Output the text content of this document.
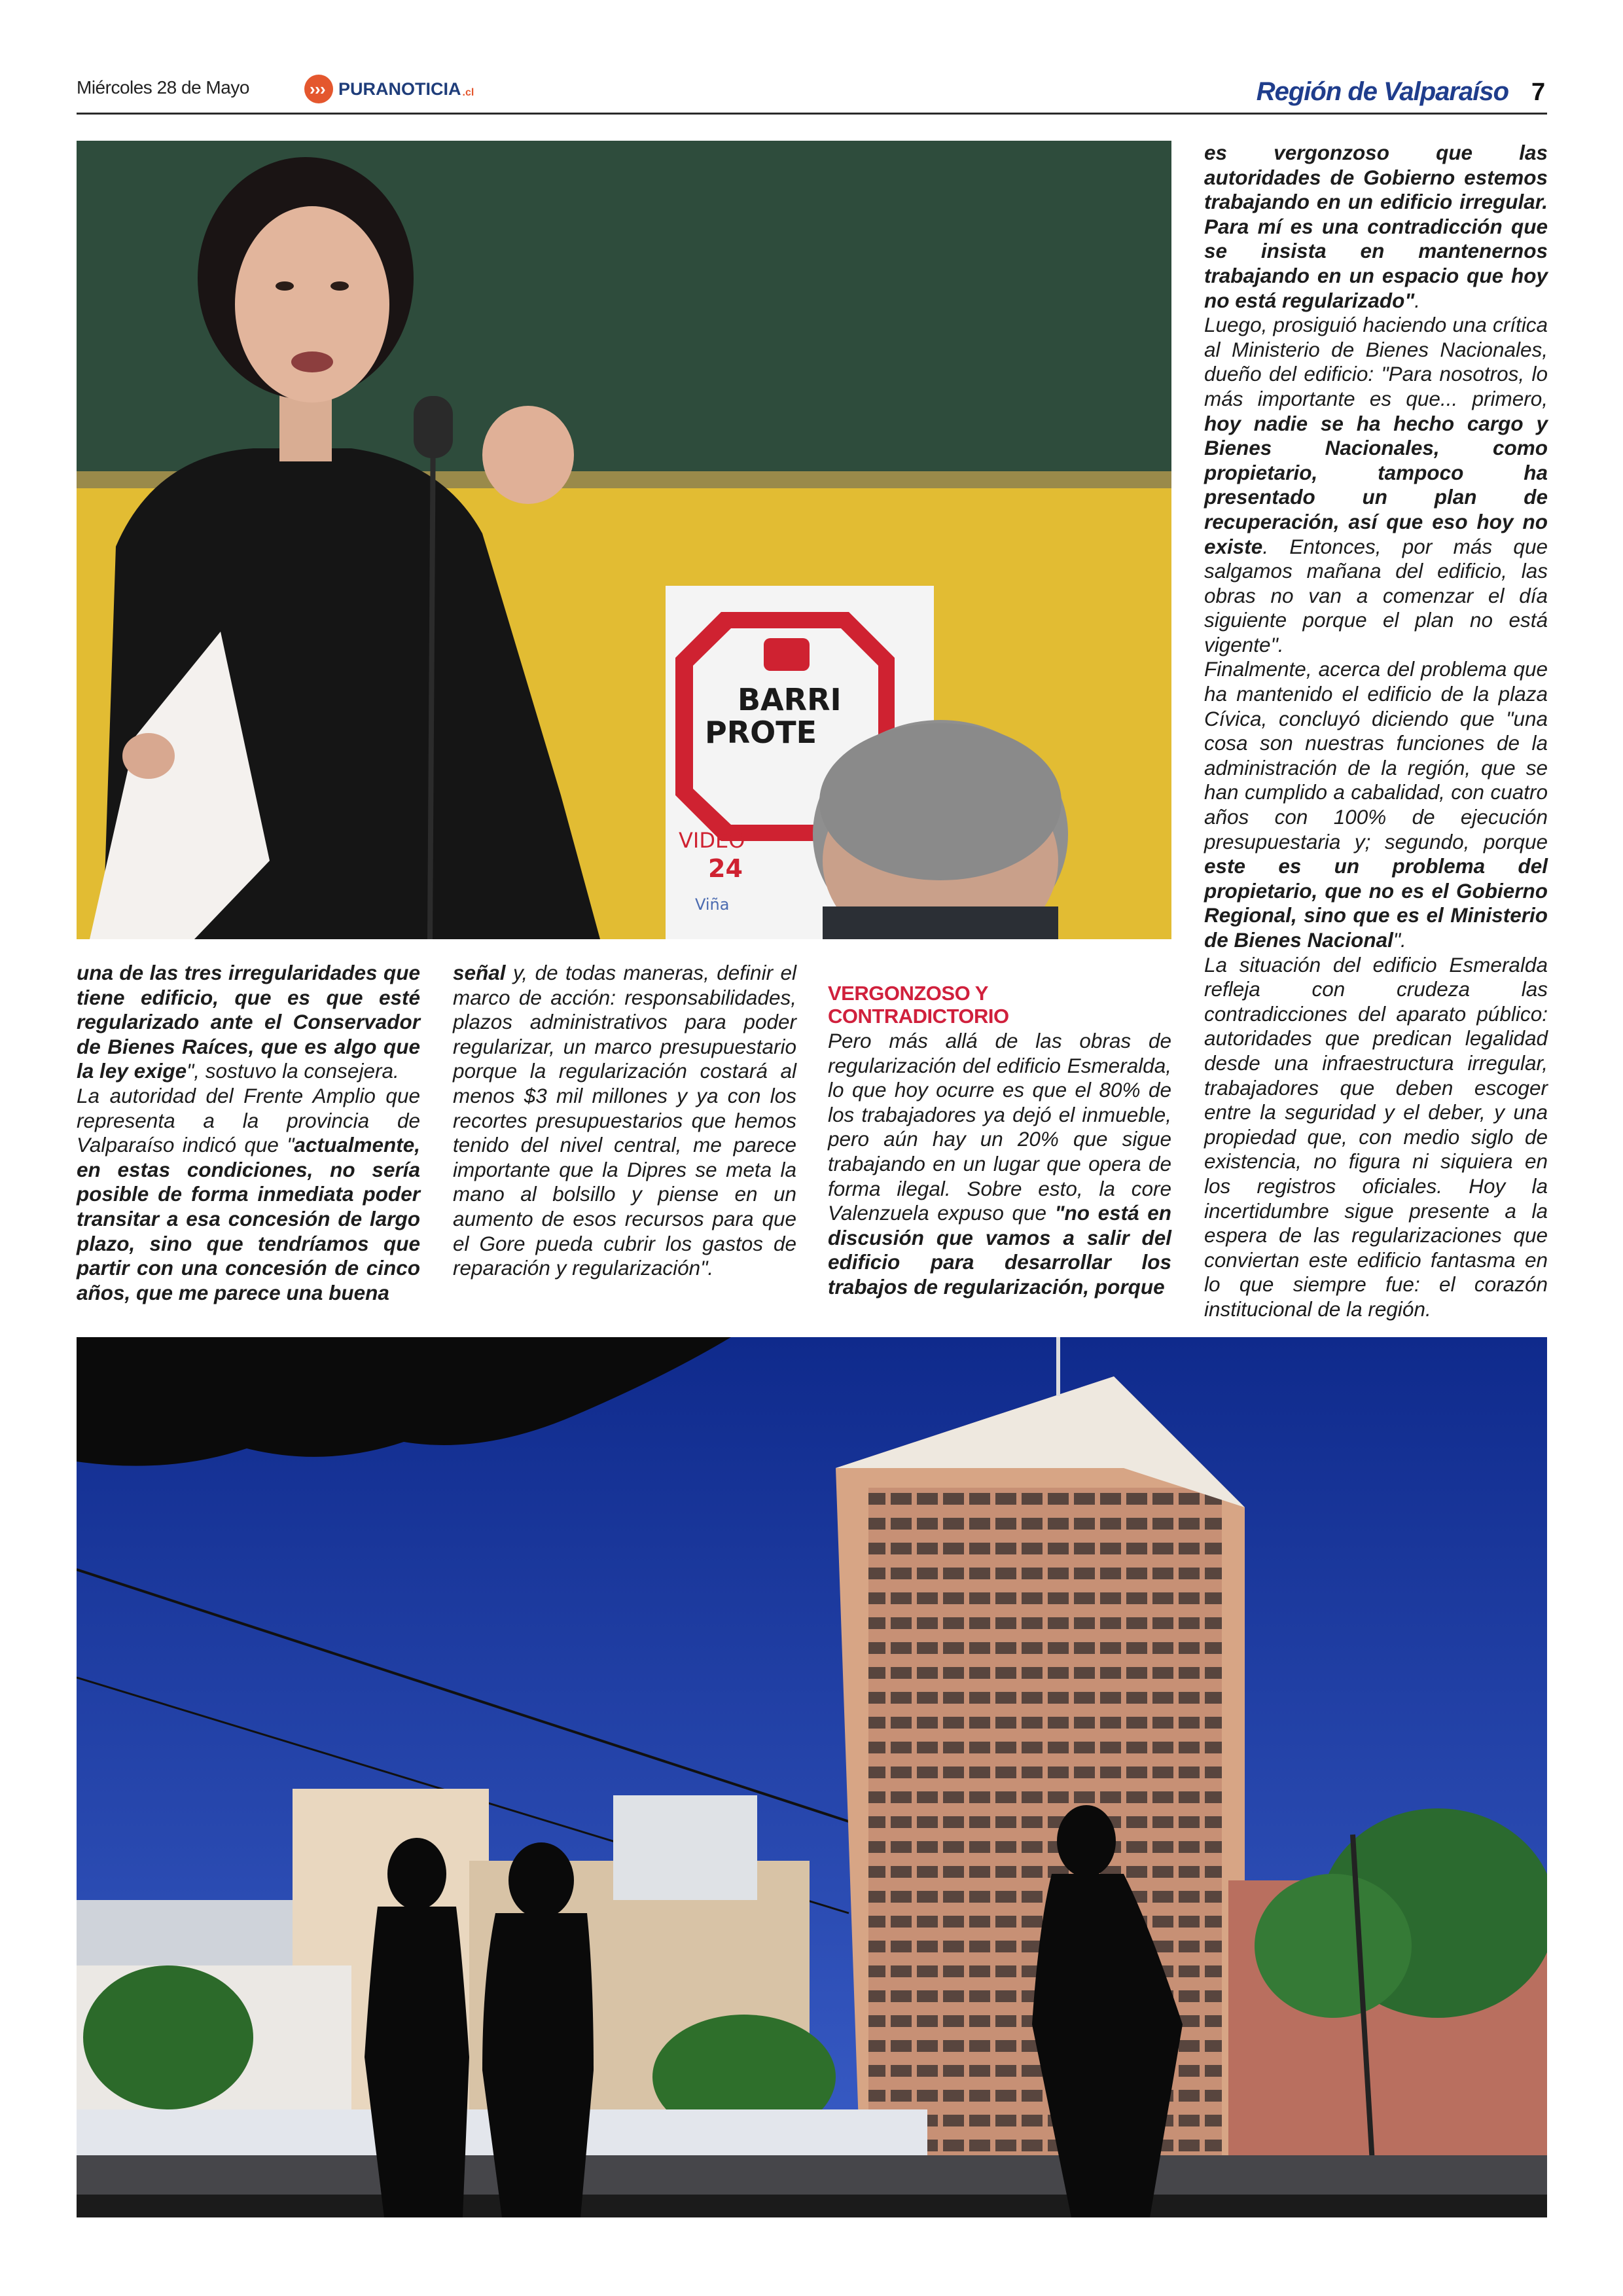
Miércoles 28 de Mayo	› › › PURANOTICIA .cl	Región de Valparaíso 7
BARRI
PROTE
VIDEO
24
Viña

una de las tres irregularidades que tiene edificio, que es que esté regularizado ante el Conservador de Bienes Raíces, que es algo que la ley exige", sostuvo la consejera.
La autoridad del Frente Amplio que representa a la provincia de Valparaíso indicó que "actualmente, en estas condiciones, no sería posible de forma inmediata poder transitar a esa concesión de largo plazo, sino que tendríamos que partir con una concesión de cinco años, que me parece una buena

señal y, de todas maneras, definir el marco de acción: responsabilidades, plazos administrativos para poder regularizar, un marco presupuestario porque la regularización costará al menos $3 mil millones y ya con los recortes presupuestarios que hemos tenido del nivel central, me parece importante que la Dipres se meta la mano al bolsillo y piense en un aumento de esos recursos para que el Gore pueda cubrir los gastos de reparación y regularización".

VERGONZOSO Y CONTRADICTORIO

Pero más allá de las obras de regularización del edificio Esmeralda, lo que hoy ocurre es que el 80% de los trabajadores ya dejó el inmueble, pero aún hay un 20% que sigue trabajando en un lugar que opera de forma ilegal. Sobre esto, la core Valenzuela expuso que "no está en discusión que vamos a salir del edificio para desarrollar los trabajos de regularización, porque

es vergonzoso que las autoridades de Gobierno estemos trabajando en un edificio irregular. Para mí es una contradicción que se insista en mantenernos trabajando en un espacio que hoy no está regularizado".
Luego, prosiguió haciendo una crítica al Ministerio de Bienes Nacionales, dueño del edificio: "Para nosotros, lo más importante es que... primero, hoy nadie se ha hecho cargo y Bienes Nacionales, como propietario, tampoco ha presentado un plan de recuperación, así que eso hoy no existe. Entonces, por más que salgamos mañana del edificio, las obras no van a comenzar el día siguiente porque el plan no está vigente".
Finalmente, acerca del problema que ha mantenido el edificio de la plaza Cívica, concluyó diciendo que "una cosa son nuestras funciones de la administración de la región, que se han cumplido a cabalidad, con cuatro años con 100% de ejecución presupuestaria y; segundo, porque este es un problema del propietario, que no es el Gobierno Regional, sino que es el Ministerio de Bienes Nacional".
La situación del edificio Esmeralda refleja con crudeza las contradicciones del aparato público: autoridades que predican legalidad desde una infraestructura irregular, trabajadores que deben escoger entre la seguridad y el deber, y una propiedad que, con medio siglo de existencia, no figura ni siquiera en los registros oficiales. Hoy la incertidumbre sigue presente a la espera de las regularizaciones que conviertan este edificio fantasma en lo que siempre fue: el corazón institucional de la región.
